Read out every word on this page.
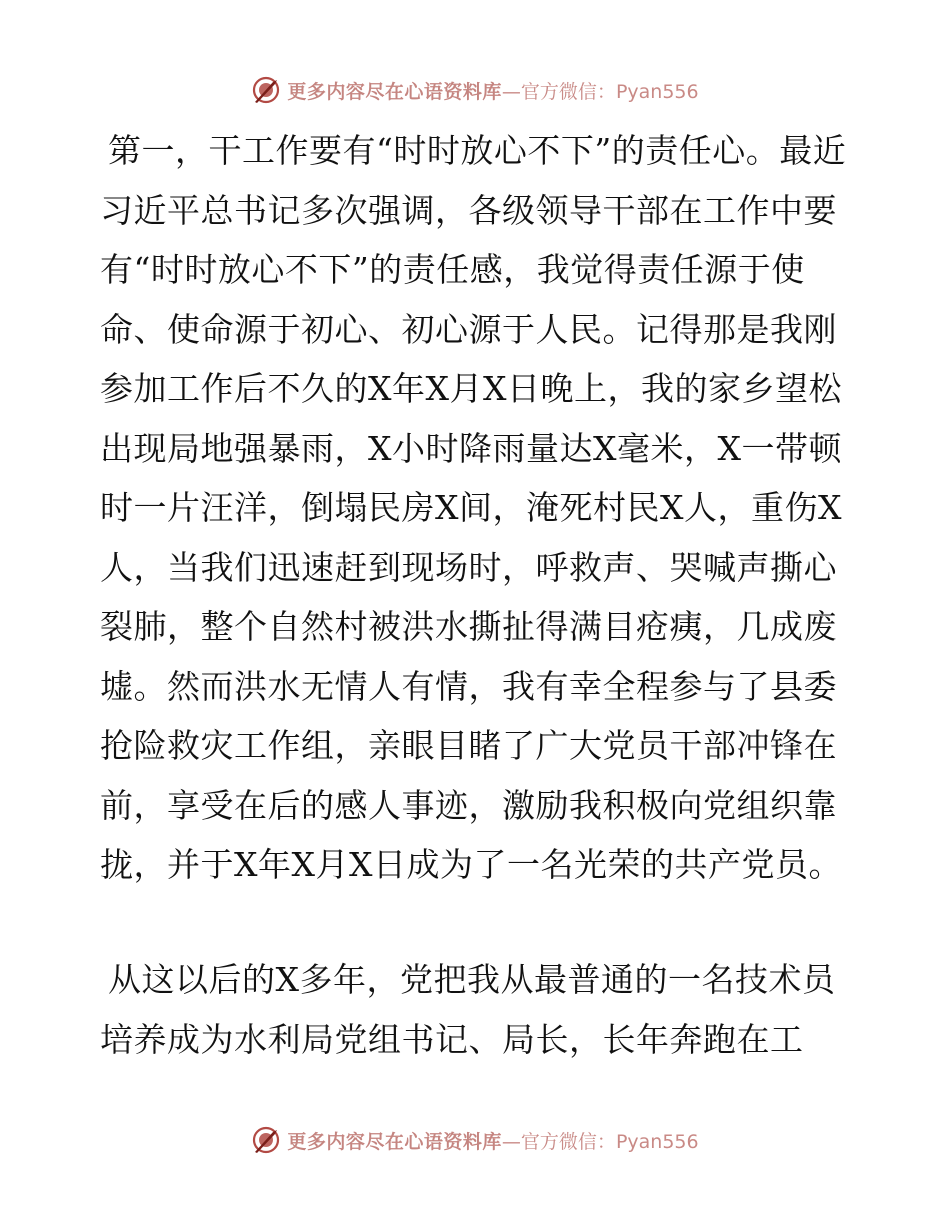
更多内容尽在心语资料库 — 官方微信： Pyan556

第一，干工作要有“时时放心不下”的责任心。最近习近平总书记多次强调，各级领导干部在工作中要有“时时放心不下”的责任感，我觉得责任源于使命、使命源于初心、初心源于人民。记得那是我刚参加工作后不久的X年X月X日晚上，我的家乡望松出现局地强暴雨，X小时降雨量达X毫米，X一带顿时一片汪洋，倒塌民房X间，淹死村民X人，重伤X人，当我们迅速赶到现场时，呼救声、哭喊声撕心裂肺，整个自然村被洪水撕扯得满目疮痍，几成废墟。然而洪水无情人有情，我有幸全程参与了县委抢险救灾工作组，亲眼目睹了广大党员干部冲锋在前，享受在后的感人事迹，激励我积极向党组织靠拢，并于X年X月X日成为了一名光荣的共产党员。

从这以后的X多年，党把我从最普通的一名技术员培养成为水利局党组书记、局长，长年奔跑在工

更多内容尽在心语资料库 — 官方微信： Pyan556
